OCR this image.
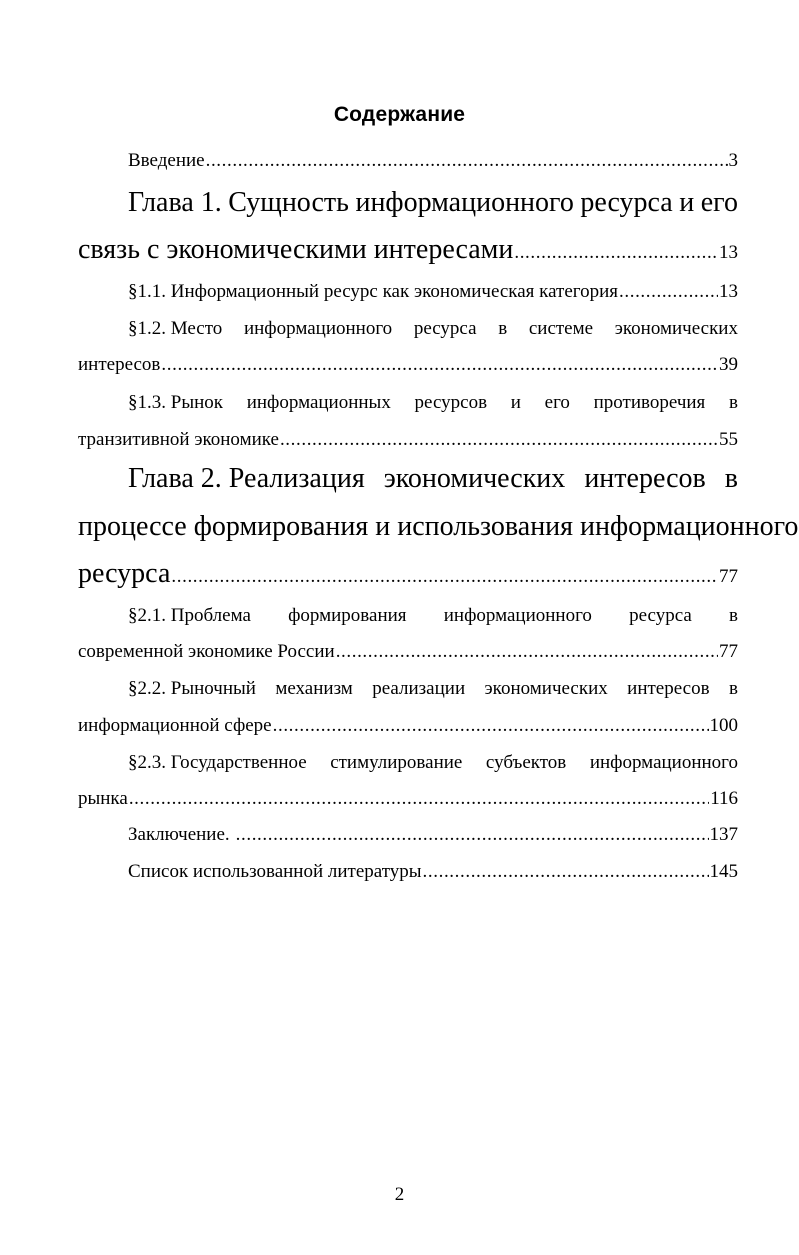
Содержание
Введение .....	3
Глава 1. Сущность информационного ресурса и его
связь с экономическими интересами .....	13
§1.1. Информационный ресурс как экономическая категория .....	13
§1.2. Место информационного ресурса в системе экономических
интересов .....	39
§1.3. Рынок информационных ресурсов и его противоречия в
транзитивной экономике .....	55
Глава 2. Реализация экономических интересов в
процессе формирования и использования информационного
ресурса .....	77
§2.1. Проблема формирования информационного ресурса в
современной экономике России .....	77
§2.2. Рыночный механизм реализации экономических интересов в
информационной сфере .....	100
§2.3. Государственное стимулирование субъектов информационного
рынка .....	116
Заключение. .....	137
Список использованной литературы .....	145
2
